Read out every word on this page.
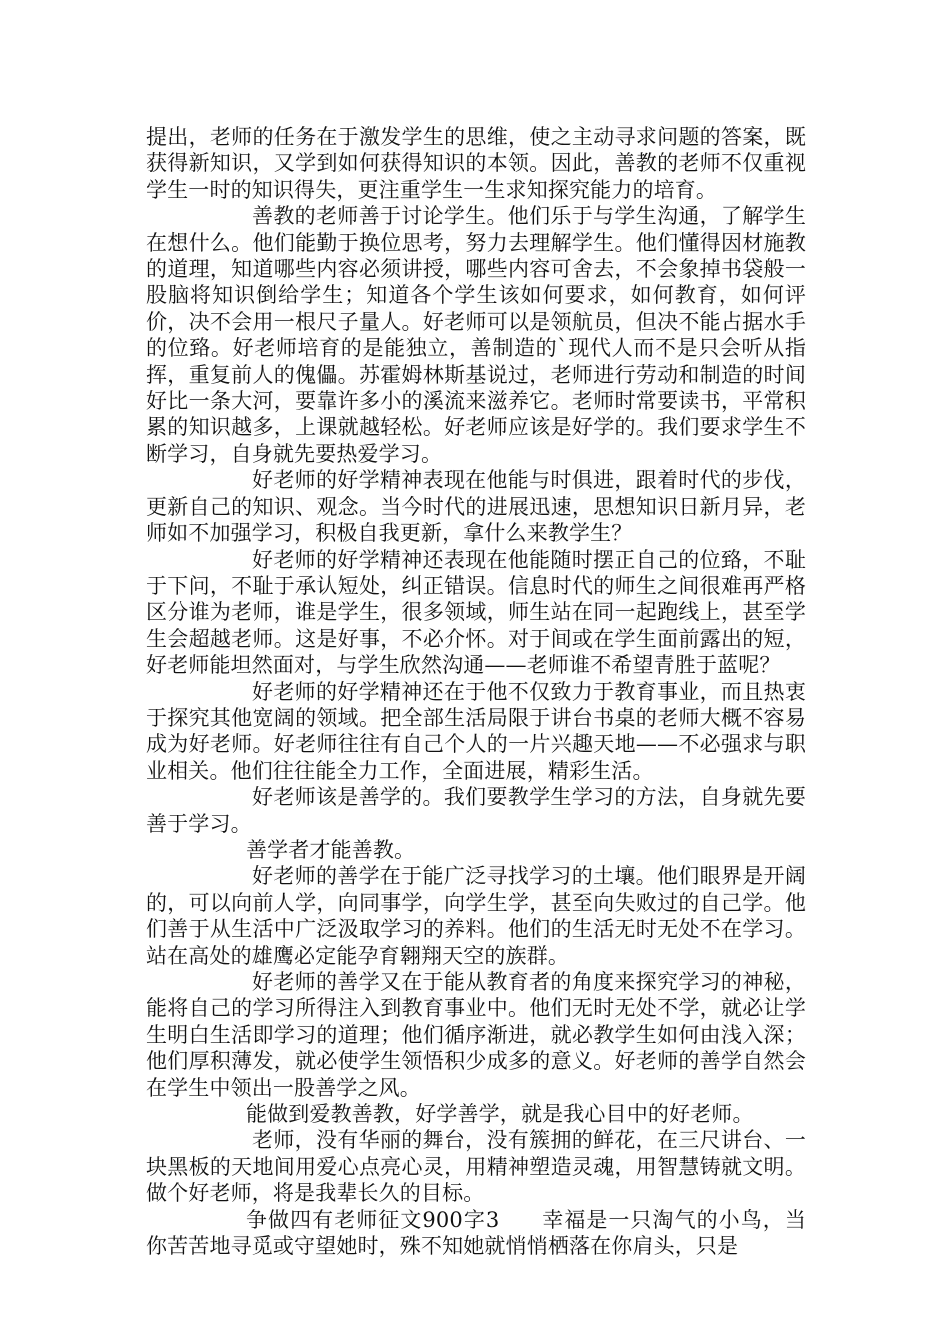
提出，老师的任务在于激发学生的思维，使之主动寻求问题的答案，既获得新知识，又学到如何获得知识的本领。因此，善教的老师不仅重视学生一时的知识得失，更注重学生一生求知探究能力的培育。

善教的老师善于讨论学生。他们乐于与学生沟通，了解学生在想什么。他们能勤于换位思考，努力去理解学生。他们懂得因材施教的道理，知道哪些内容必须讲授，哪些内容可舍去，不会象掉书袋般一股脑将知识倒给学生；知道各个学生该如何要求，如何教育，如何评价，决不会用一根尺子量人。好老师可以是领航员，但决不能占据水手的位臵。好老师培育的是能独立，善制造的`现代人而不是只会听从指挥，重复前人的傀儡。苏霍姆林斯基说过，老师进行劳动和制造的时间好比一条大河，要靠许多小的溪流来滋养它。老师时常要读书，平常积累的知识越多，上课就越轻松。好老师应该是好学的。我们要求学生不断学习，自身就先要热爱学习。

好老师的好学精神表现在他能与时俱进，跟着时代的步伐，更新自己的知识、观念。当今时代的进展迅速，思想知识日新月异，老师如不加强学习，积极自我更新，拿什么来教学生？

好老师的好学精神还表现在他能随时摆正自己的位臵，不耻于下问，不耻于承认短处，纠正错误。信息时代的师生之间很难再严格区分谁为老师，谁是学生，很多领域，师生站在同一起跑线上，甚至学生会超越老师。这是好事，不必介怀。对于间或在学生面前露出的短，好老师能坦然面对，与学生欣然沟通——老师谁不希望青胜于蓝呢？

好老师的好学精神还在于他不仅致力于教育事业，而且热衷于探究其他宽阔的领域。把全部生活局限于讲台书桌的老师大概不容易成为好老师。好老师往往有自己个人的一片兴趣天地——不必强求与职业相关。他们往往能全力工作，全面进展，精彩生活。

好老师该是善学的。我们要教学生学习的方法，自身就先要善于学习。

善学者才能善教。

好老师的善学在于能广泛寻找学习的土壤。他们眼界是开阔的，可以向前人学，向同事学，向学生学，甚至向失败过的自己学。他们善于从生活中广泛汲取学习的养料。他们的生活无时无处不在学习。站在高处的雄鹰必定能孕育翱翔天空的族群。

好老师的善学又在于能从教育者的角度来探究学习的神秘，能将自己的学习所得注入到教育事业中。他们无时无处不学，就必让学生明白生活即学习的道理；他们循序渐进，就必教学生如何由浅入深；他们厚积薄发，就必使学生领悟积少成多的意义。好老师的善学自然会在学生中领出一股善学之风。

能做到爱教善教，好学善学，就是我心目中的好老师。

老师，没有华丽的舞台，没有簇拥的鲜花，在三尺讲台、一块黑板的天地间用爱心点亮心灵，用精神塑造灵魂，用智慧铸就文明。做个好老师，将是我辈长久的目标。

争做四有老师征文900字3 幸福是一只淘气的小鸟，当你苦苦地寻觅或守望她时，殊不知她就悄悄栖落在你肩头，只是
